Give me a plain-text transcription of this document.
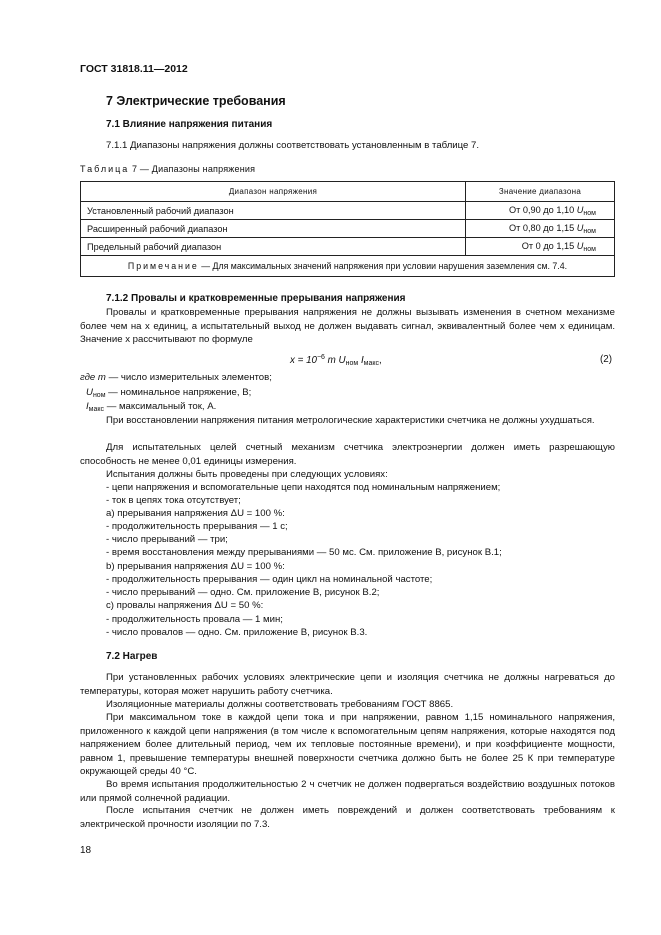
ГОСТ 31818.11—2012
7 Электрические требования
7.1 Влияние напряжения питания
7.1.1 Диапазоны напряжения должны соответствовать установленным в таблице 7.
Таблица 7 — Диапазоны напряжения
Диапазон напряжения	Значение диапазона
Установленный рабочий диапазон	От 0,90 до 1,10 $U_{ном}$
Расширенный рабочий диапазон	От 0,80 до 1,15 $U_{ном}$
Предельный рабочий диапазон	От 0 до 1,15 $U_{ном}$
Примечание — Для максимальных значений напряжения при условии нарушения заземления см. 7.4.	
7.1.2 Провалы и кратковременные прерывания напряжения
Провалы и кратковременные прерывания напряжения не должны вызывать изменения в счетном механизме более чем на x единиц, а испытательный выход не должен выдавать сигнал, эквивалентный более чем x единицам. Значение x рассчитывают по формуле
$x = 10^{-6}$ m $U_{ном}$ $I_{макс}$,	(2)
где m — число измерительных элементов;
$U_{ном}$ — номинальное напряжение, В;
$I_{макс}$ — максимальный ток, А.
При восстановлении напряжения питания метрологические характеристики счетчика не должны ухудшаться.
Для испытательных целей счетный механизм счетчика электроэнергии должен иметь разрешающую способность не менее 0,01 единицы измерения.
Испытания должны быть проведены при следующих условиях:
- цепи напряжения и вспомогательные цепи находятся под номинальным напряжением;
- ток в цепях тока отсутствует;
а) прерывания напряжения ΔU = 100 %:
- продолжительность прерывания — 1 с;
- число прерываний — три;
- время восстановления между прерываниями — 50 мс. См. приложение В, рисунок В.1;
b) прерывания напряжения ΔU = 100 %:
- продолжительность прерывания — один цикл на номинальной частоте;
- число прерываний — одно. См. приложение В, рисунок В.2;
с) провалы напряжения ΔU = 50 %:
- продолжительность провала — 1 мин;
- число провалов — одно. См. приложение В, рисунок В.3.
7.2 Нагрев
При установленных рабочих условиях электрические цепи и изоляция счетчика не должны нагреваться до температуры, которая может нарушить работу счетчика.
Изоляционные материалы должны соответствовать требованиям ГОСТ 8865.
При максимальном токе в каждой цепи тока и при напряжении, равном 1,15 номинального напряжения, приложенного к каждой цепи напряжения (в том числе к вспомогательным цепям напряжения, которые находятся под напряжением более длительный период, чем их тепловые постоянные времени), и при коэффициенте мощности, равном 1, превышение температуры внешней поверхности счетчика должно быть не более 25 К при температуре окружающей среды 40 °С.
Во время испытания продолжительностью 2 ч счетчик не должен подвергаться воздействию воздушных потоков или прямой солнечной радиации.
После испытания счетчик не должен иметь повреждений и должен соответствовать требованиям к электрической прочности изоляции по 7.3.
18
